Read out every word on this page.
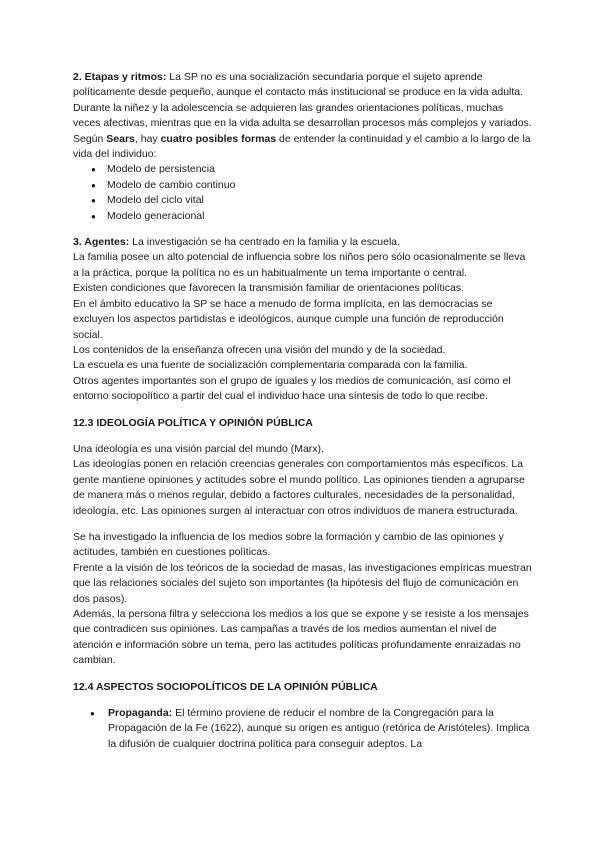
2. Etapas y ritmos: La SP no es una socialización secundaria porque el sujeto aprende políticamente desde pequeño, aunque el contacto más institucional se produce en la vida adulta. Durante la niñez y la adolescencia se adquieren las grandes orientaciones políticas, muchas veces afectivas, mientras que en la vida adulta se desarrollan procesos más complejos y variados.

Según Sears, hay cuatro posibles formas de entender la continuidad y el cambio a lo largo de la vida del individuo:

● Modelo de persistencia
● Modelo de cambio continuo
● Modelo del ciclo vital
● Modelo generacional

3. Agentes: La investigación se ha centrado en la familia y la escuela.

La familia posee un alto potencial de influencia sobre los niños pero sólo ocasionalmente se lleva a la práctica, porque la política no es un habitualmente un tema importante o central.

Existen condiciones que favorecen la transmisión familiar de orientaciones políticas.

En el ámbito educativo la SP se hace a menudo de forma implícita, en las democracias se excluyen los aspectos partidistas e ideológicos, aunque cumple una función de reproducción social.

Los contenidos de la enseñanza ofrecen una visión del mundo y de la sociedad.

La escuela es una fuente de socialización complementaria comparada con la familia.

Otros agentes importantes son el grupo de iguales y los medios de comunicación, así como el entorno sociopolítico a partir del cual el individuo hace una síntesis de todo lo que recibe.

12.3 IDEOLOGÍA POLÍTICA Y OPINIÓN PÚBLICA

Una ideología es una visión parcial del mundo (Marx).

Las ideologías ponen en relación creencias generales con comportamientos más específicos. La gente mantiene opiniones y actitudes sobre el mundo político. Las opiniones tienden a agruparse de manera más o menos regular, debido a factores culturales, necesidades de la personalidad, ideología, etc. Las opiniones surgen al interactuar con otros individuos de manera estructurada.

Se ha investigado la influencia de los medios sobre la formación y cambio de las opiniones y actitudes, también en cuestiones políticas.

Frente a la visión de los teóricos de la sociedad de masas, las investigaciones empíricas muestran que las relaciones sociales del sujeto son importantes (la hipótesis del flujo de comunicación en dos pasos).

Además, la persona filtra y selecciona los medios a los que se expone y se resiste a los mensajes que contradicen sus opiniones. Las campañas a través de los medios aumentan el nivel de atención e información sobre un tema, pero las actitudes políticas profundamente enraizadas no cambian.

12.4 ASPECTOS SOCIOPOLÍTICOS DE LA OPINIÓN PÚBLICA
● Propaganda: El término proviene de reducir el nombre de la Congregación para la Propagación de la Fe (1622), aunque su origen es antiguo (retórica de Aristóteles). Implica la difusión de cualquier doctrina política para conseguir adeptos. La
